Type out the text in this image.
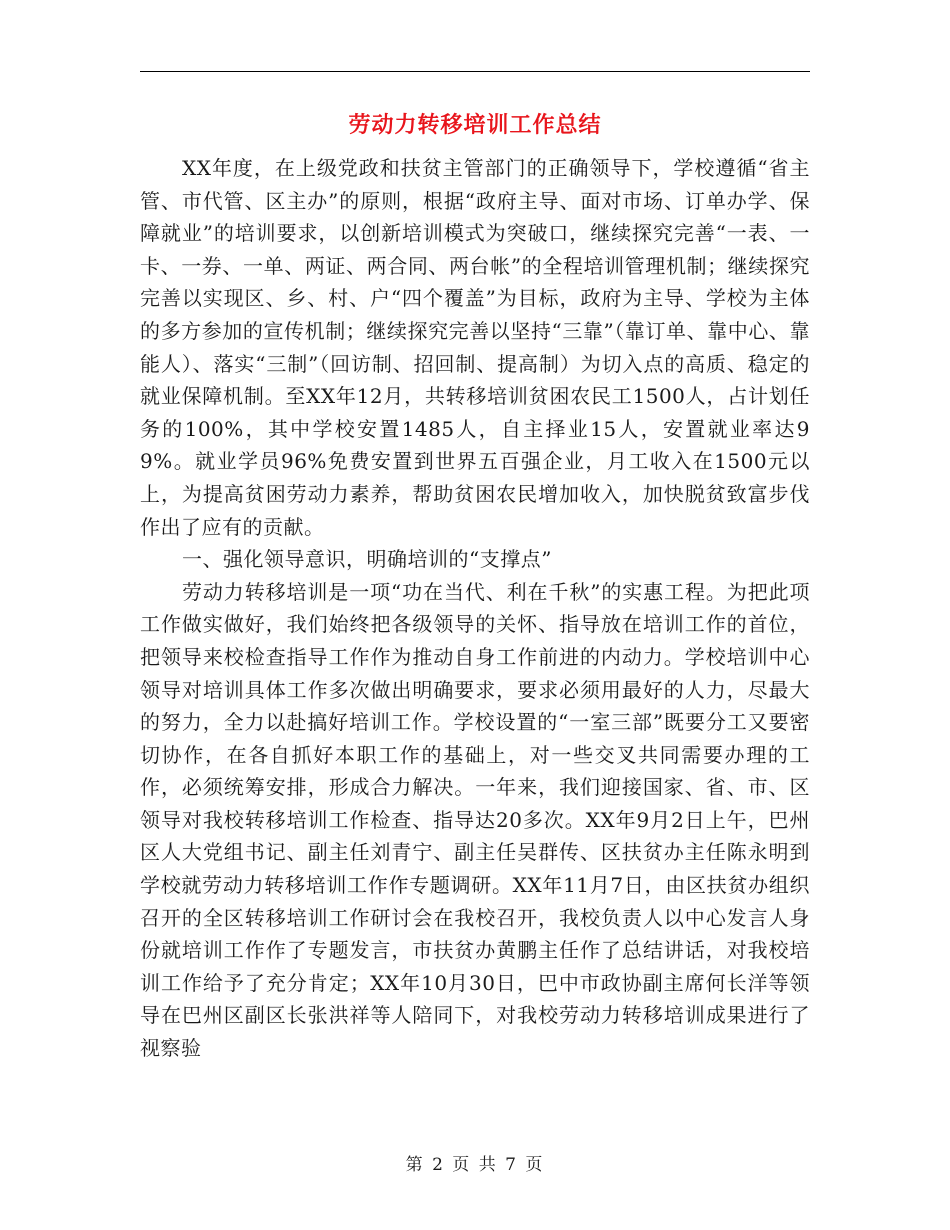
劳动力转移培训工作总结

XX年度，在上级党政和扶贫主管部门的正确领导下，学校遵循“省主管、市代管、区主办”的原则，根据“政府主导、面对市场、订单办学、保障就业”的培训要求，以创新培训模式为突破口，继续探究完善“一表、一卡、一券、一单、两证、两合同、两台帐”的全程培训管理机制；继续探究完善以实现区、乡、村、户“四个覆盖”为目标，政府为主导、学校为主体的多方参加的宣传机制；继续探究完善以坚持“三靠”（靠订单、靠中心、靠能人）、落实“三制”（回访制、招回制、提高制）为切入点的高质、稳定的就业保障机制。至XX年12月，共转移培训贫困农民工1500人，占计划任务的100%，其中学校安置1485人，自主择业15人，安置就业率达99%。就业学员96%免费安置到世界五百强企业，月工收入在1500元以上，为提高贫困劳动力素养，帮助贫困农民增加收入，加快脱贫致富步伐作出了应有的贡献。

一、强化领导意识，明确培训的“支撑点”

劳动力转移培训是一项“功在当代、利在千秋”的实惠工程。为把此项工作做实做好，我们始终把各级领导的关怀、指导放在培训工作的首位，把领导来校检查指导工作作为推动自身工作前进的内动力。学校培训中心领导对培训具体工作多次做出明确要求，要求必须用最好的人力，尽最大的努力，全力以赴搞好培训工作。学校设置的“一室三部”既要分工又要密切协作，在各自抓好本职工作的基础上，对一些交叉共同需要办理的工作，必须统筹安排，形成合力解决。一年来，我们迎接国家、省、市、区领导对我校转移培训工作检查、指导达20多次。XX年9月2日上午，巴州区人大党组书记、副主任刘青宁、副主任吴群传、区扶贫办主任陈永明到学校就劳动力转移培训工作作专题调研。XX年11月7日，由区扶贫办组织召开的全区转移培训工作研讨会在我校召开，我校负责人以中心发言人身份就培训工作作了专题发言，市扶贫办黄鹏主任作了总结讲话，对我校培训工作给予了充分肯定；XX年10月30日，巴中市政协副主席何长洋等领导在巴州区副区长张洪祥等人陪同下，对我校劳动力转移培训成果进行了视察验

第 2 页 共 7 页
